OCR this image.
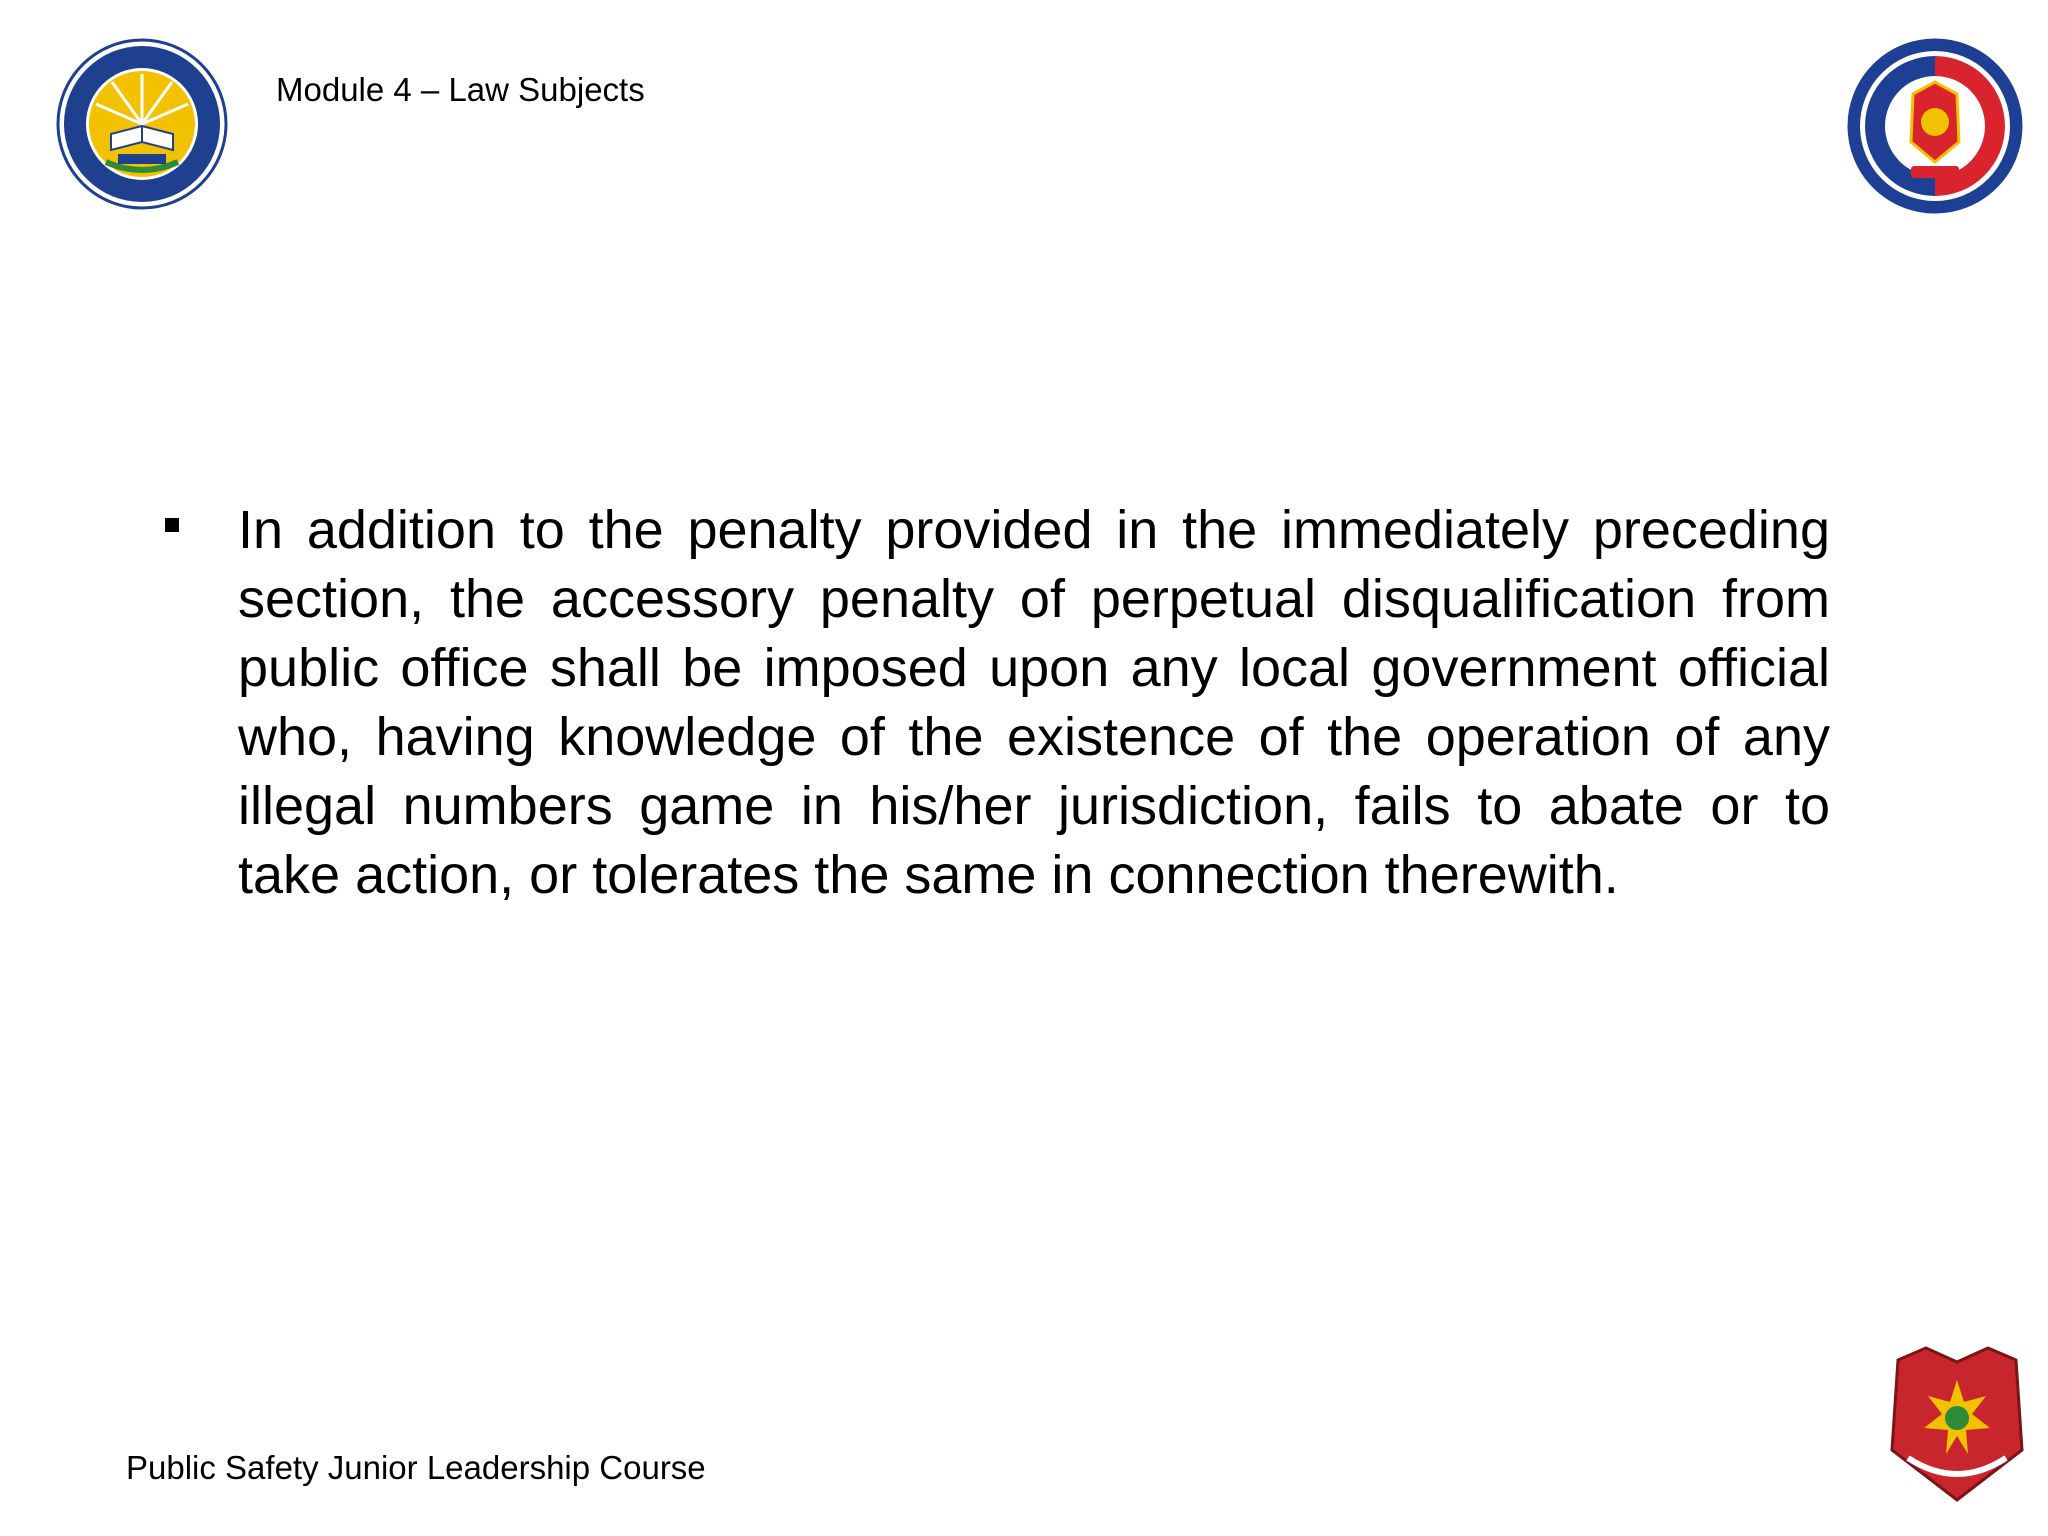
Module 4 – Law Subjects
In addition to the penalty provided in the immediately preceding section, the accessory penalty of perpetual disqualification from public office shall be imposed upon any local government official who, having knowledge of the existence of the operation of any illegal numbers game in his/her jurisdiction, fails to abate or to take action, or tolerates the same in connection therewith.
Public Safety Junior Leadership Course
